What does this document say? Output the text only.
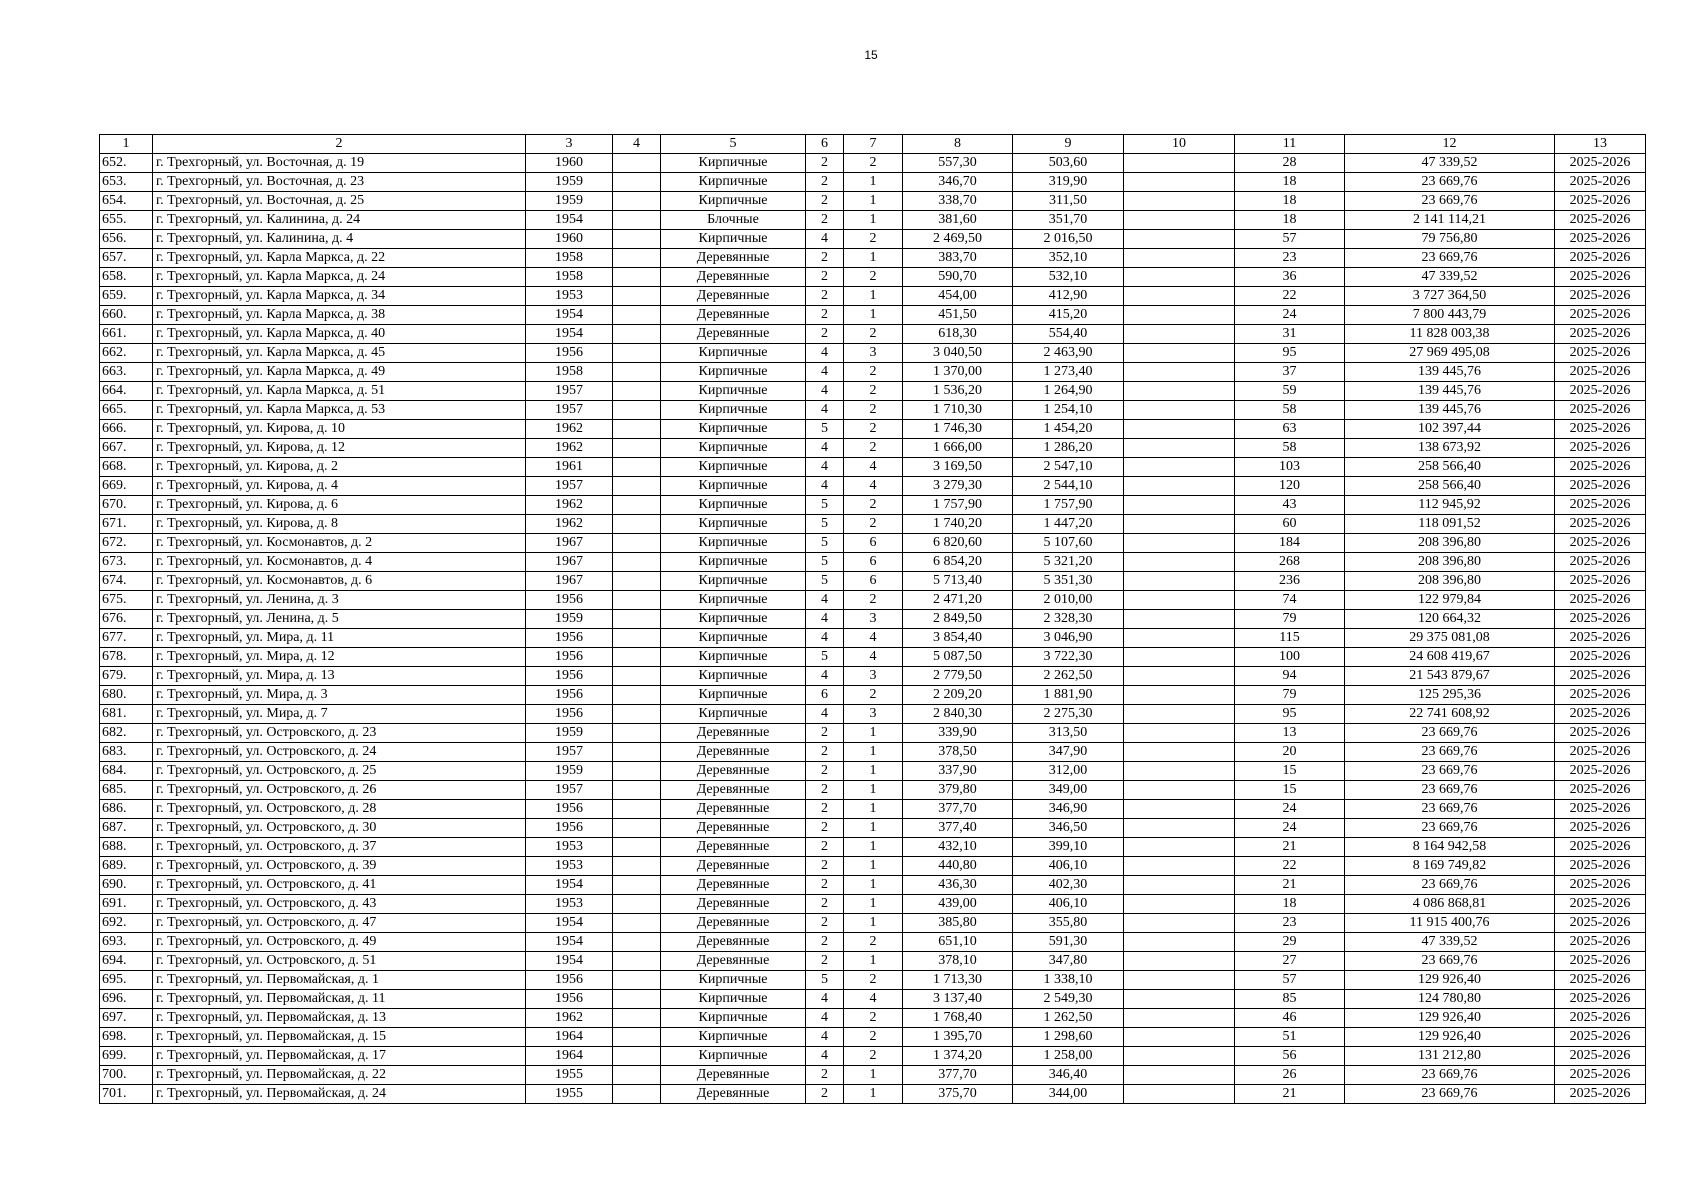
15
1	2	3	4	5	6	7	8	9	10	11	12	13
652.	г. Трехгорный, ул. Восточная, д. 19	1960		Кирпичные	2	2	557,30	503,60		28	47 339,52	2025-2026
653.	г. Трехгорный, ул. Восточная, д. 23	1959		Кирпичные	2	1	346,70	319,90		18	23 669,76	2025-2026
654.	г. Трехгорный, ул. Восточная, д. 25	1959		Кирпичные	2	1	338,70	311,50		18	23 669,76	2025-2026
655.	г. Трехгорный, ул. Калинина, д. 24	1954		Блочные	2	1	381,60	351,70		18	2 141 114,21	2025-2026
656.	г. Трехгорный, ул. Калинина, д. 4	1960		Кирпичные	4	2	2 469,50	2 016,50		57	79 756,80	2025-2026
657.	г. Трехгорный, ул. Карла Маркса, д. 22	1958		Деревянные	2	1	383,70	352,10		23	23 669,76	2025-2026
658.	г. Трехгорный, ул. Карла Маркса, д. 24	1958		Деревянные	2	2	590,70	532,10		36	47 339,52	2025-2026
659.	г. Трехгорный, ул. Карла Маркса, д. 34	1953		Деревянные	2	1	454,00	412,90		22	3 727 364,50	2025-2026
660.	г. Трехгорный, ул. Карла Маркса, д. 38	1954		Деревянные	2	1	451,50	415,20		24	7 800 443,79	2025-2026
661.	г. Трехгорный, ул. Карла Маркса, д. 40	1954		Деревянные	2	2	618,30	554,40		31	11 828 003,38	2025-2026
662.	г. Трехгорный, ул. Карла Маркса, д. 45	1956		Кирпичные	4	3	3 040,50	2 463,90		95	27 969 495,08	2025-2026
663.	г. Трехгорный, ул. Карла Маркса, д. 49	1958		Кирпичные	4	2	1 370,00	1 273,40		37	139 445,76	2025-2026
664.	г. Трехгорный, ул. Карла Маркса, д. 51	1957		Кирпичные	4	2	1 536,20	1 264,90		59	139 445,76	2025-2026
665.	г. Трехгорный, ул. Карла Маркса, д. 53	1957		Кирпичные	4	2	1 710,30	1 254,10		58	139 445,76	2025-2026
666.	г. Трехгорный, ул. Кирова, д. 10	1962		Кирпичные	5	2	1 746,30	1 454,20		63	102 397,44	2025-2026
667.	г. Трехгорный, ул. Кирова, д. 12	1962		Кирпичные	4	2	1 666,00	1 286,20		58	138 673,92	2025-2026
668.	г. Трехгорный, ул. Кирова, д. 2	1961		Кирпичные	4	4	3 169,50	2 547,10		103	258 566,40	2025-2026
669.	г. Трехгорный, ул. Кирова, д. 4	1957		Кирпичные	4	4	3 279,30	2 544,10		120	258 566,40	2025-2026
670.	г. Трехгорный, ул. Кирова, д. 6	1962		Кирпичные	5	2	1 757,90	1 757,90		43	112 945,92	2025-2026
671.	г. Трехгорный, ул. Кирова, д. 8	1962		Кирпичные	5	2	1 740,20	1 447,20		60	118 091,52	2025-2026
672.	г. Трехгорный, ул. Космонавтов, д. 2	1967		Кирпичные	5	6	6 820,60	5 107,60		184	208 396,80	2025-2026
673.	г. Трехгорный, ул. Космонавтов, д. 4	1967		Кирпичные	5	6	6 854,20	5 321,20		268	208 396,80	2025-2026
674.	г. Трехгорный, ул. Космонавтов, д. 6	1967		Кирпичные	5	6	5 713,40	5 351,30		236	208 396,80	2025-2026
675.	г. Трехгорный, ул. Ленина, д. 3	1956		Кирпичные	4	2	2 471,20	2 010,00		74	122 979,84	2025-2026
676.	г. Трехгорный, ул. Ленина, д. 5	1959		Кирпичные	4	3	2 849,50	2 328,30		79	120 664,32	2025-2026
677.	г. Трехгорный, ул. Мира, д. 11	1956		Кирпичные	4	4	3 854,40	3 046,90		115	29 375 081,08	2025-2026
678.	г. Трехгорный, ул. Мира, д. 12	1956		Кирпичные	5	4	5 087,50	3 722,30		100	24 608 419,67	2025-2026
679.	г. Трехгорный, ул. Мира, д. 13	1956		Кирпичные	4	3	2 779,50	2 262,50		94	21 543 879,67	2025-2026
680.	г. Трехгорный, ул. Мира, д. 3	1956		Кирпичные	6	2	2 209,20	1 881,90		79	125 295,36	2025-2026
681.	г. Трехгорный, ул. Мира, д. 7	1956		Кирпичные	4	3	2 840,30	2 275,30		95	22 741 608,92	2025-2026
682.	г. Трехгорный, ул. Островского, д. 23	1959		Деревянные	2	1	339,90	313,50		13	23 669,76	2025-2026
683.	г. Трехгорный, ул. Островского, д. 24	1957		Деревянные	2	1	378,50	347,90		20	23 669,76	2025-2026
684.	г. Трехгорный, ул. Островского, д. 25	1959		Деревянные	2	1	337,90	312,00		15	23 669,76	2025-2026
685.	г. Трехгорный, ул. Островского, д. 26	1957		Деревянные	2	1	379,80	349,00		15	23 669,76	2025-2026
686.	г. Трехгорный, ул. Островского, д. 28	1956		Деревянные	2	1	377,70	346,90		24	23 669,76	2025-2026
687.	г. Трехгорный, ул. Островского, д. 30	1956		Деревянные	2	1	377,40	346,50		24	23 669,76	2025-2026
688.	г. Трехгорный, ул. Островского, д. 37	1953		Деревянные	2	1	432,10	399,10		21	8 164 942,58	2025-2026
689.	г. Трехгорный, ул. Островского, д. 39	1953		Деревянные	2	1	440,80	406,10		22	8 169 749,82	2025-2026
690.	г. Трехгорный, ул. Островского, д. 41	1954		Деревянные	2	1	436,30	402,30		21	23 669,76	2025-2026
691.	г. Трехгорный, ул. Островского, д. 43	1953		Деревянные	2	1	439,00	406,10		18	4 086 868,81	2025-2026
692.	г. Трехгорный, ул. Островского, д. 47	1954		Деревянные	2	1	385,80	355,80		23	11 915 400,76	2025-2026
693.	г. Трехгорный, ул. Островского, д. 49	1954		Деревянные	2	2	651,10	591,30		29	47 339,52	2025-2026
694.	г. Трехгорный, ул. Островского, д. 51	1954		Деревянные	2	1	378,10	347,80		27	23 669,76	2025-2026
695.	г. Трехгорный, ул. Первомайская, д. 1	1956		Кирпичные	5	2	1 713,30	1 338,10		57	129 926,40	2025-2026
696.	г. Трехгорный, ул. Первомайская, д. 11	1956		Кирпичные	4	4	3 137,40	2 549,30		85	124 780,80	2025-2026
697.	г. Трехгорный, ул. Первомайская, д. 13	1962		Кирпичные	4	2	1 768,40	1 262,50		46	129 926,40	2025-2026
698.	г. Трехгорный, ул. Первомайская, д. 15	1964		Кирпичные	4	2	1 395,70	1 298,60		51	129 926,40	2025-2026
699.	г. Трехгорный, ул. Первомайская, д. 17	1964		Кирпичные	4	2	1 374,20	1 258,00		56	131 212,80	2025-2026
700.	г. Трехгорный, ул. Первомайская, д. 22	1955		Деревянные	2	1	377,70	346,40		26	23 669,76	2025-2026
701.	г. Трехгорный, ул. Первомайская, д. 24	1955		Деревянные	2	1	375,70	344,00		21	23 669,76	2025-2026
